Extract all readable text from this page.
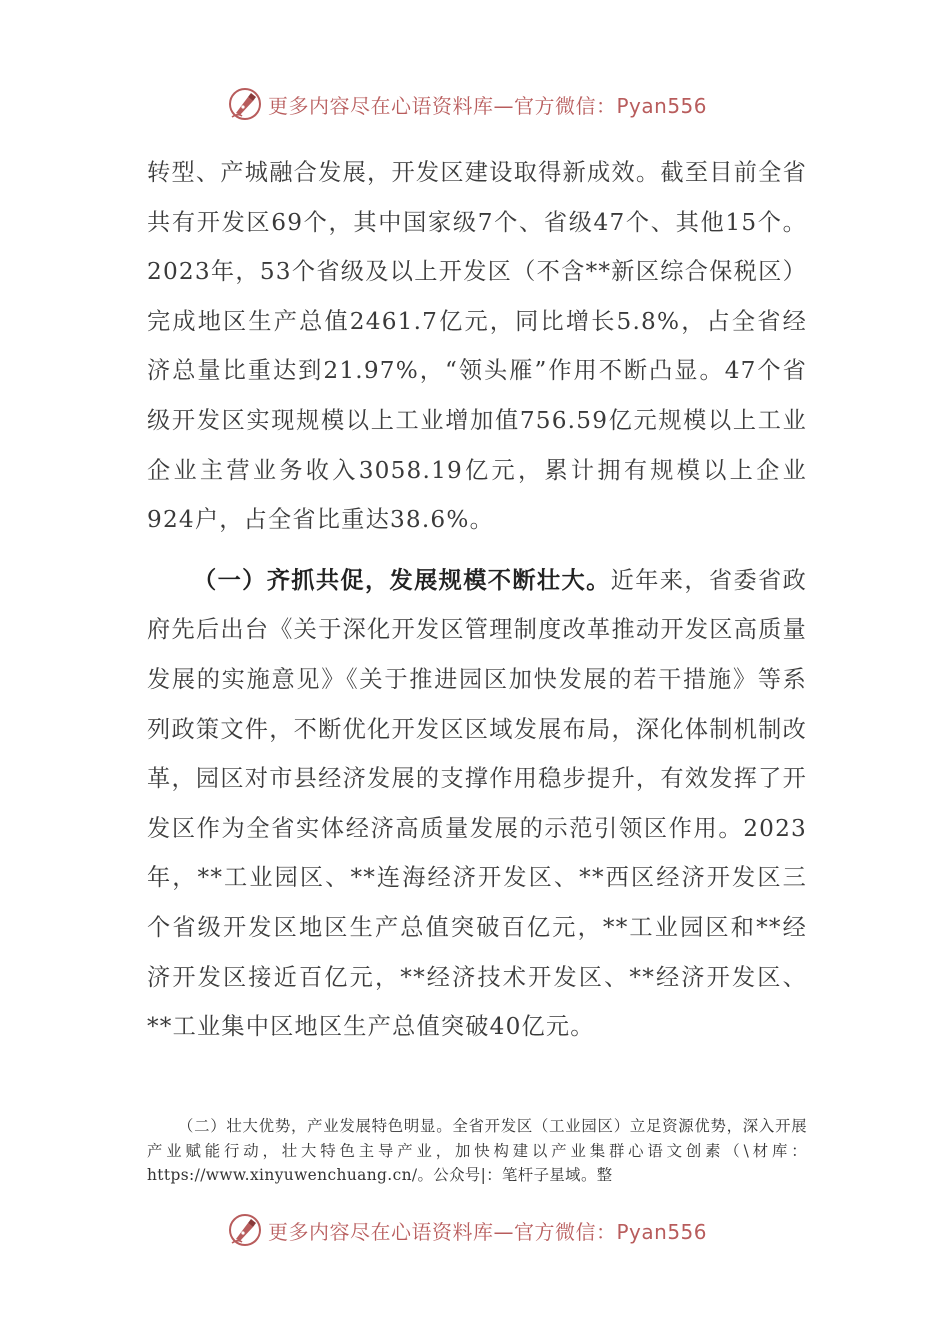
更多内容尽在心语资料库—官方微信：Pyan556

转型、产城融合发展，开发区建设取得新成效。截至目前全省共有开发区69个，其中国家级7个、省级47个、其他15个。2023年，53个省级及以上开发区（不含**新区综合保税区）完成地区生产总值2461.7亿元，同比增长5.8%，占全省经济总量比重达到21.97%，“领头雁”作用不断凸显。47个省级开发区实现规模以上工业增加值756.59亿元规模以上工业企业主营业务收入3058.19亿元，累计拥有规模以上企业924户，占全省比重达38.6%。

（一）齐抓共促，发展规模不断壮大。近年来，省委省政府先后出台《关于深化开发区管理制度改革推动开发区高质量发展的实施意见》《关于推进园区加快发展的若干措施》等系列政策文件，不断优化开发区区域发展布局，深化体制机制改革，园区对市县经济发展的支撑作用稳步提升，有效发挥了开发区作为全省实体经济高质量发展的示范引领区作用。2023年，**工业园区、**连海经济开发区、**西区经济开发区三个省级开发区地区生产总值突破百亿元，**工业园区和**经济开发区接近百亿元，**经济技术开发区、**经济开发区、**工业集中区地区生产总值突破40亿元。

（二）壮大优势，产业发展特色明显。全省开发区（工业园区）立足资源优势，深入开展产业赋能行动，壮大特色主导产业，加快构建以产业集群心语文创素（\材库：https://www.xinyuwenchuang.cn/。公众号|：笔杆子星域。整

更多内容尽在心语资料库—官方微信：Pyan556
